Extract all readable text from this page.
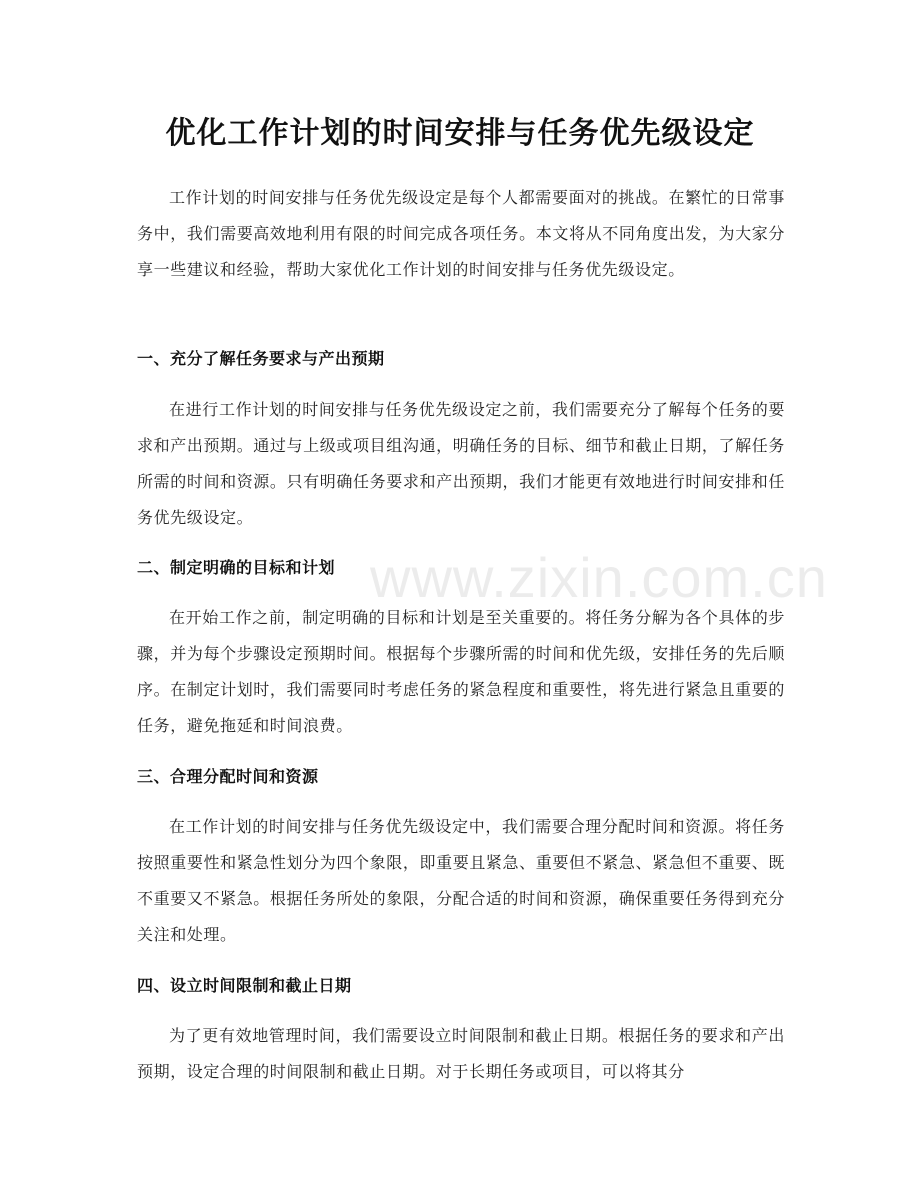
优化工作计划的时间安排与任务优先级设定
工作计划的时间安排与任务优先级设定是每个人都需要面对的挑战。在繁忙的日常事务中，我们需要高效地利用有限的时间完成各项任务。本文将从不同角度出发，为大家分享一些建议和经验，帮助大家优化工作计划的时间安排与任务优先级设定。
一、充分了解任务要求与产出预期
在进行工作计划的时间安排与任务优先级设定之前，我们需要充分了解每个任务的要求和产出预期。通过与上级或项目组沟通，明确任务的目标、细节和截止日期，了解任务所需的时间和资源。只有明确任务要求和产出预期，我们才能更有效地进行时间安排和任务优先级设定。
二、制定明确的目标和计划
在开始工作之前，制定明确的目标和计划是至关重要的。将任务分解为各个具体的步骤，并为每个步骤设定预期时间。根据每个步骤所需的时间和优先级，安排任务的先后顺序。在制定计划时，我们需要同时考虑任务的紧急程度和重要性，将先进行紧急且重要的任务，避免拖延和时间浪费。
三、合理分配时间和资源
在工作计划的时间安排与任务优先级设定中，我们需要合理分配时间和资源。将任务按照重要性和紧急性划分为四个象限，即重要且紧急、重要但不紧急、紧急但不重要、既不重要又不紧急。根据任务所处的象限，分配合适的时间和资源，确保重要任务得到充分关注和处理。
四、设立时间限制和截止日期
为了更有效地管理时间，我们需要设立时间限制和截止日期。根据任务的要求和产出预期，设定合理的时间限制和截止日期。对于长期任务或项目，可以将其分
www.zixin.com.cn
